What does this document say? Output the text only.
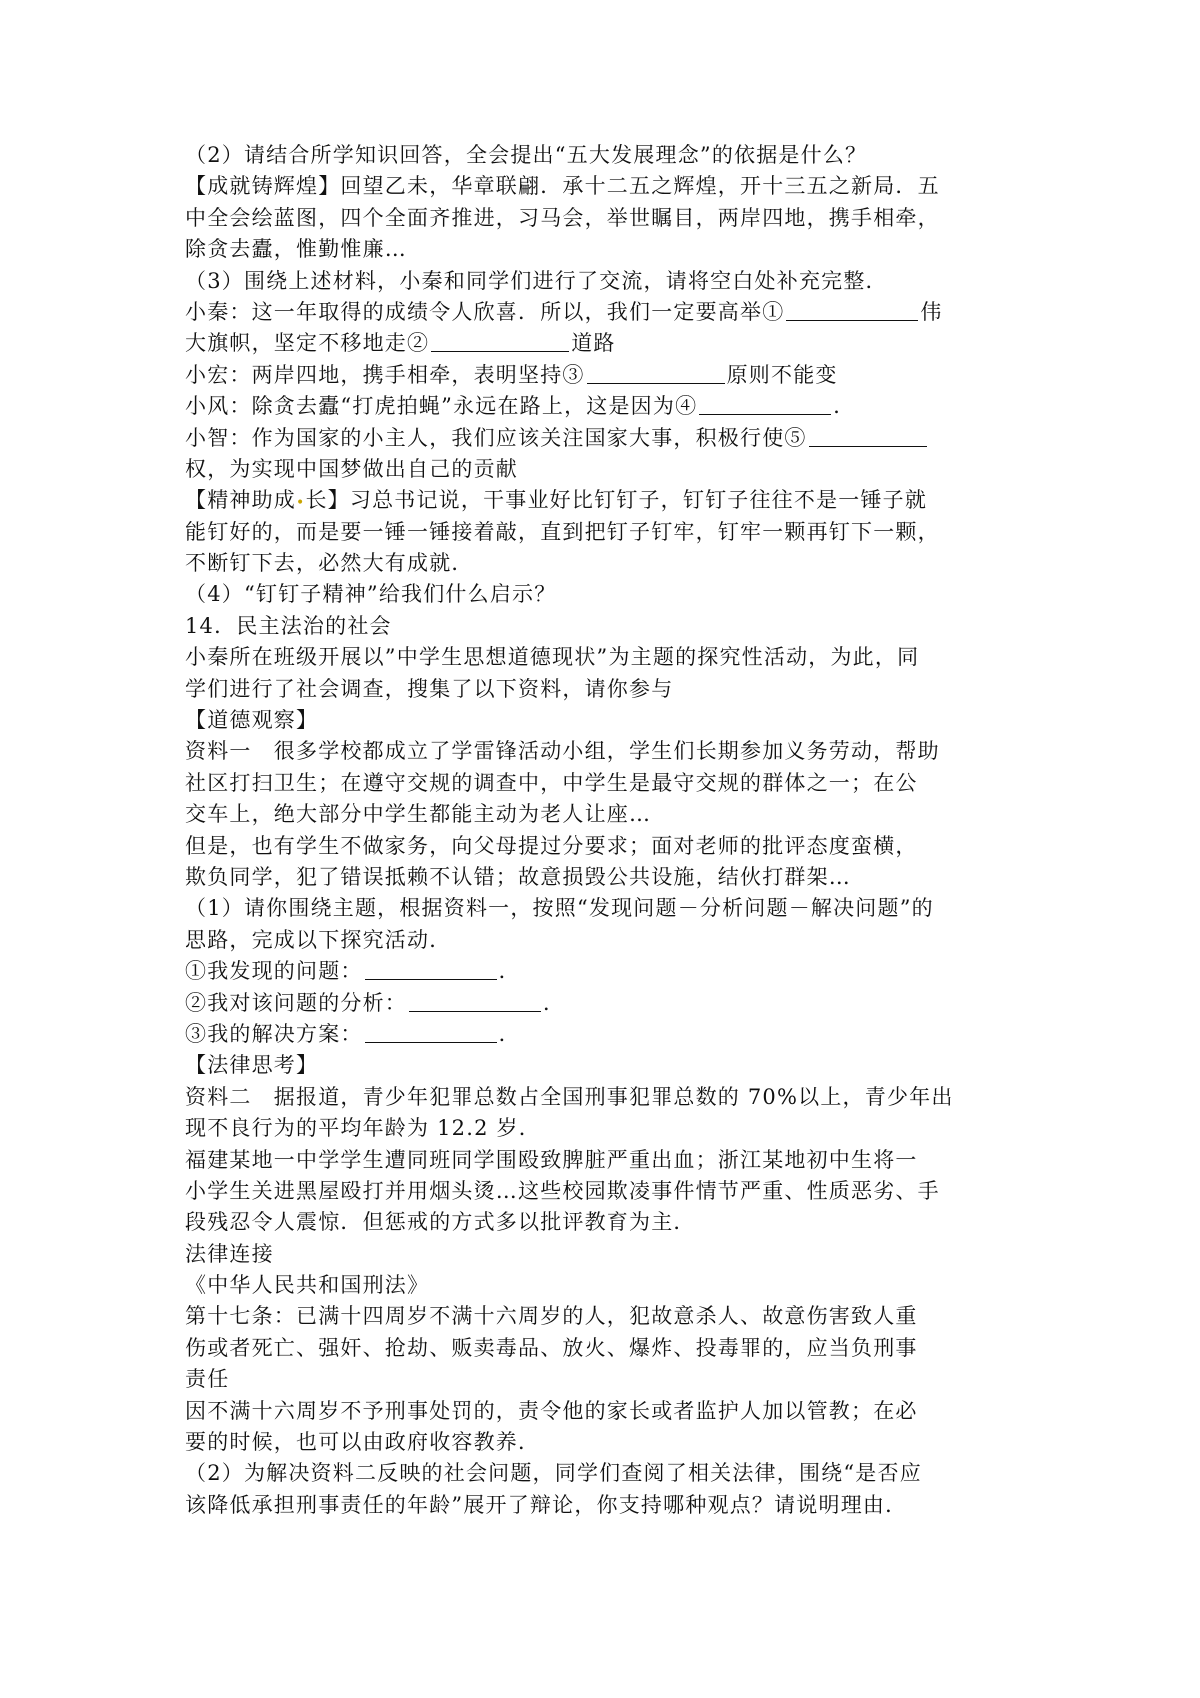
（2）请结合所学知识回答，全会提出“五大发展理念”的依据是什么？
【成就铸辉煌】回望乙未，华章联翩．承十二五之辉煌，开十三五之新局．五
中全会绘蓝图，四个全面齐推进，习马会，举世瞩目，两岸四地，携手相牵，
除贪去蠹，惟勤惟廉…
（3）围绕上述材料，小秦和同学们进行了交流，请将空白处补充完整．
小秦：这一年取得的成绩令人欣喜．所以，我们一定要高举①	伟
大旗帜，坚定不移地走②	道路
小宏：两岸四地，携手相牵，表明坚持③	原则不能变
小风：除贪去蠹“打虎拍蝇”永远在路上，这是因为④	．
小智：作为国家的小主人，我们应该关注国家大事，积极行使⑤
权，为实现中国梦做出自己的贡献
【精神助成•长】习总书记说，干事业好比钉钉子，钉钉子往往不是一锤子就
能钉好的，而是要一锤一锤接着敲，直到把钉子钉牢，钉牢一颗再钉下一颗，
不断钉下去，必然大有成就．
（4）“钉钉子精神”给我们什么启示？
14．民主法治的社会
小秦所在班级开展以”中学生思想道德现状”为主题的探究性活动，为此，同
学们进行了社会调查，搜集了以下资料，请你参与
【道德观察】
资料一　很多学校都成立了学雷锋活动小组，学生们长期参加义务劳动，帮助
社区打扫卫生；在遵守交规的调查中，中学生是最守交规的群体之一；在公
交车上，绝大部分中学生都能主动为老人让座…
但是，也有学生不做家务，向父母提过分要求；面对老师的批评态度蛮横，
欺负同学，犯了错误抵赖不认错；故意损毁公共设施，结伙打群架…
（1）请你围绕主题，根据资料一，按照“发现问题－分析问题－解决问题”的
思路，完成以下探究活动．
①我发现的问题：	．
②我对该问题的分析：	．
③我的解决方案：	．
【法律思考】
资料二　据报道，青少年犯罪总数占全国刑事犯罪总数的 70%以上，青少年出
现不良行为的平均年龄为 12.2 岁．
福建某地一中学学生遭同班同学围殴致脾脏严重出血；浙江某地初中生将一
小学生关进黑屋殴打并用烟头烫…这些校园欺凌事件情节严重、性质恶劣、手
段残忍令人震惊．但惩戒的方式多以批评教育为主．
法律连接
《中华人民共和国刑法》
第十七条：已满十四周岁不满十六周岁的人，犯故意杀人、故意伤害致人重
伤或者死亡、强奸、抢劫、贩卖毒品、放火、爆炸、投毒罪的，应当负刑事
责任
因不满十六周岁不予刑事处罚的，责令他的家长或者监护人加以管教；在必
要的时候，也可以由政府收容教养．
（2）为解决资料二反映的社会问题，同学们查阅了相关法律，围绕“是否应
该降低承担刑事责任的年龄”展开了辩论，你支持哪种观点？请说明理由．
